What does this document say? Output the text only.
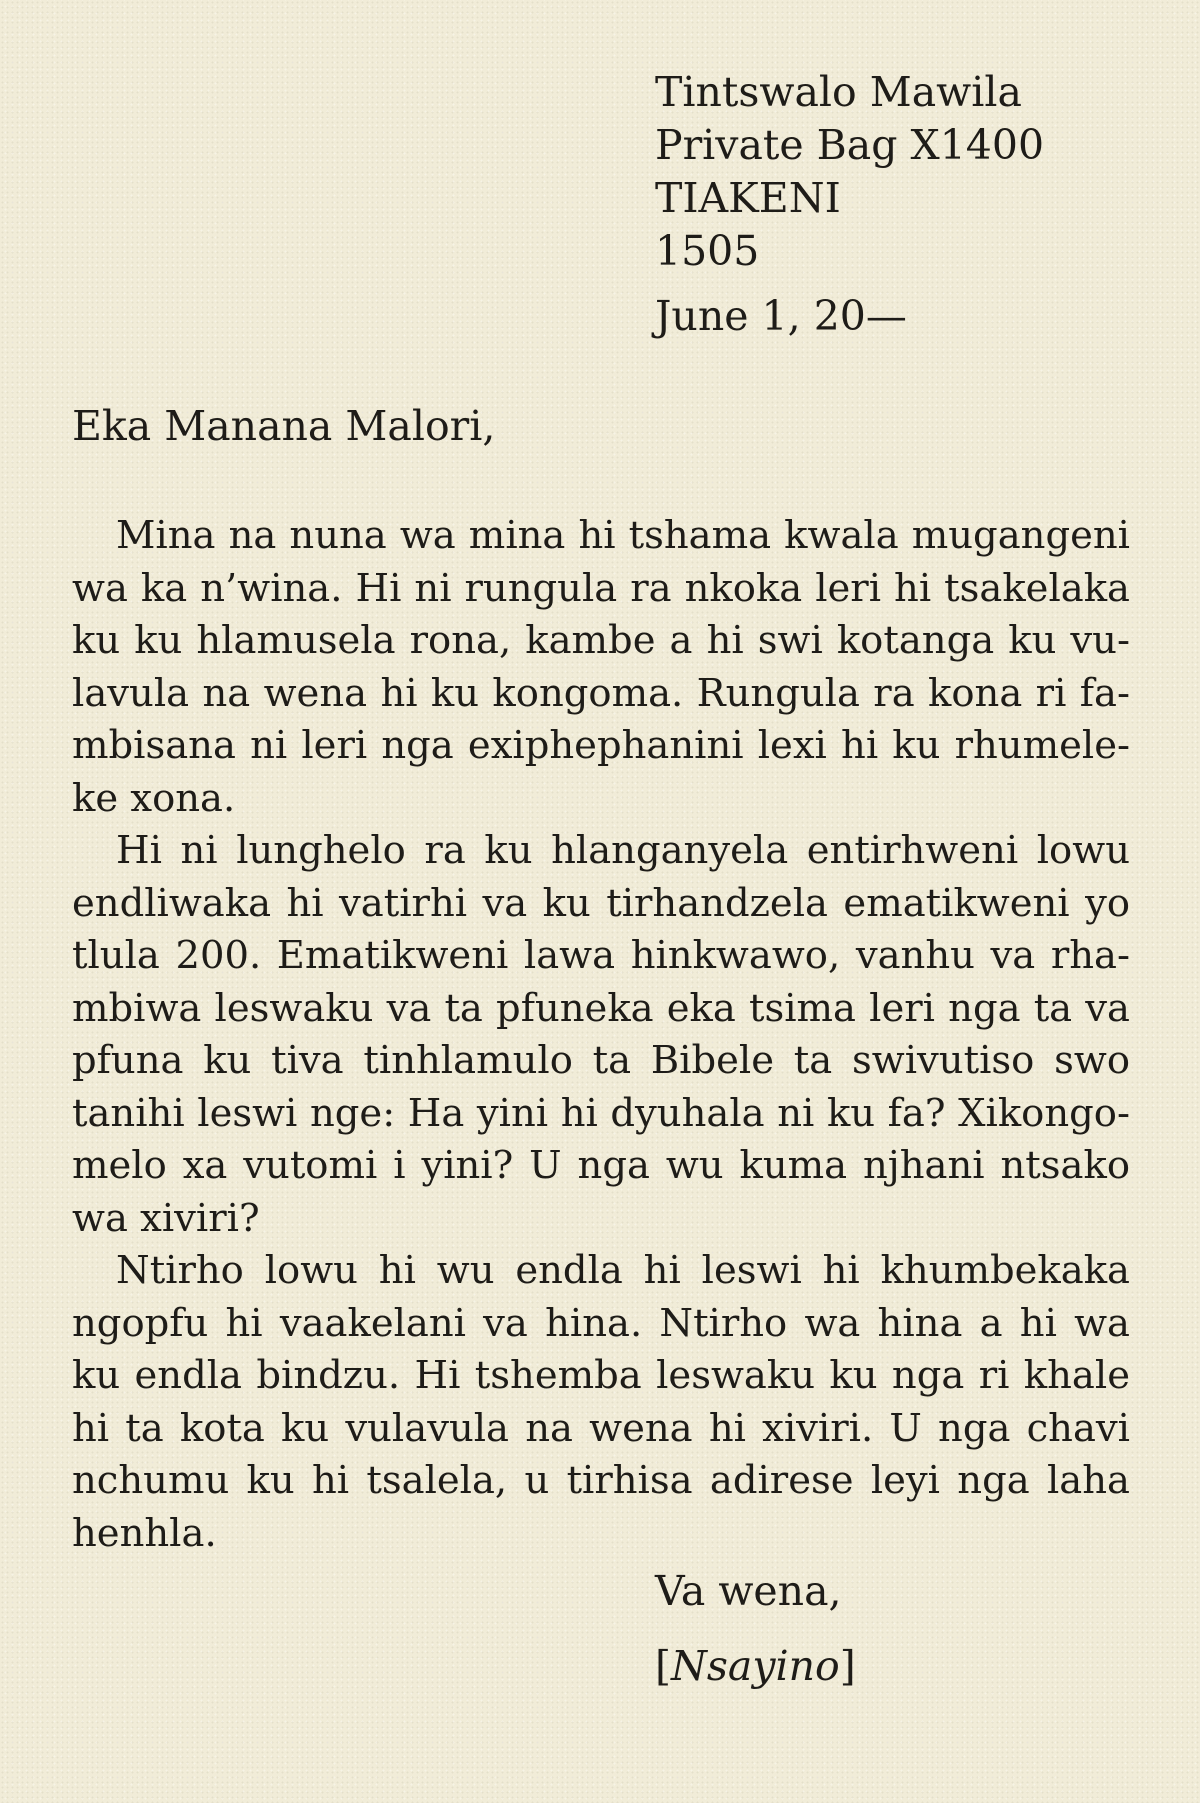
Tintswalo Mawila
Private Bag X1400
TIAKENI
1505
June 1, 20—
Eka Manana Malori,

Mina na nuna wa mina hi tshama kwala mugangeni wa ka n’wina. Hi ni rungula ra nkoka leri hi tsakelaka ku ku hlamusela rona, kambe a hi swi kotanga ku vulavula na wena hi ku kongoma. Rungula ra kona ri fambisana ni leri nga exiphephanini lexi hi ku rhumeleke xona.

Hi ni lunghelo ra ku hlanganyela entirhweni lowu endliwaka hi vatirhi va ku tirhandzela ematikweni yo tlula 200. Ematikweni lawa hinkwawo, vanhu va rhambiwa leswaku va ta pfuneka eka tsima leri nga ta va pfuna ku tiva tinhlamulo ta Bibele ta swivutiso swo tanihi leswi nge: Ha yini hi dyuhala ni ku fa? Xikongomelo xa vutomi i yini? U nga wu kuma njhani ntsako wa xiviri?

Ntirho lowu hi wu endla hi leswi hi khumbekaka ngopfu hi vaakelani va hina. Ntirho wa hina a hi wa ku endla bindzu. Hi tshemba leswaku ku nga ri khale hi ta kota ku vulavula na wena hi xiviri. U nga chavi nchumu ku hi tsalela, u tirhisa adirese leyi nga laha henhla.

Va wena,
[Nsayino]
